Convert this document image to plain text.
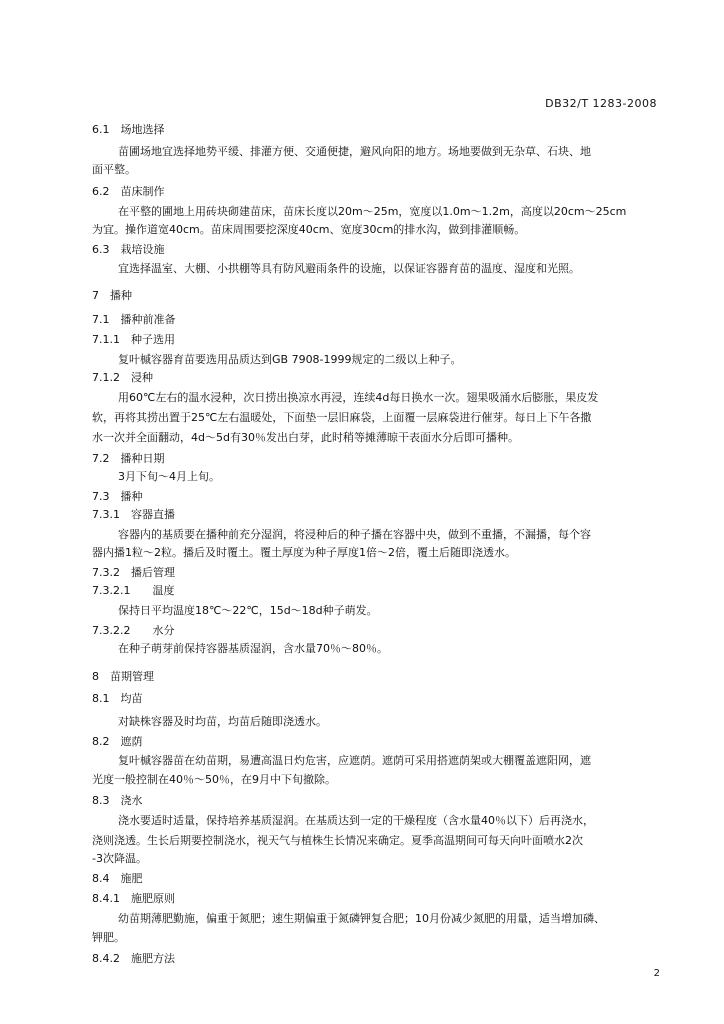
DB32/T 1283-2008
6.1　场地选择
苗圃场地宜选择地势平缓、排灌方便、交通便捷，避风向阳的地方。场地要做到无杂草、石块、地
面平整。
6.2　苗床制作
在平整的圃地上用砖块砌建苗床，苗床长度以20m～25m，宽度以1.0m～1.2m，高度以20cm～25cm
为宜。操作道宽40cm。苗床周围要挖深度40cm、宽度30cm的排水沟，做到排灌顺畅。
6.3　栽培设施
宜选择温室、大棚、小拱棚等具有防风避雨条件的设施，以保证容器育苗的温度、湿度和光照。
7　播种
7.1　播种前准备
7.1.1　种子选用
复叶槭容器育苗要选用品质达到GB 7908-1999规定的二级以上种子。
7.1.2　浸种
用60℃左右的温水浸种，次日捞出换凉水再浸，连续4d每日换水一次。翅果吸涌水后膨胀，果皮发
软，再将其捞出置于25℃左右温暖处，下面垫一层旧麻袋，上面覆一层麻袋进行催芽。每日上下午各撒
水一次并全面翻动，4d～5d有30％发出白芽，此时稍等摊薄晾干表面水分后即可播种。
7.2　播种日期
3月下旬～4月上旬。
7.3　播种
7.3.1　容器直播
容器内的基质要在播种前充分湿润，将浸种后的种子播在容器中央，做到不重播，不漏播，每个容
器内播1粒～2粒。播后及时覆土。覆土厚度为种子厚度1倍～2倍，覆土后随即浇透水。
7.3.2　播后管理
7.3.2.1　　温度
保持日平均温度18℃～22℃，15d～18d种子萌发。
7.3.2.2　　水分
在种子萌芽前保持容器基质湿润，含水量70％～80％。
8　苗期管理
8.1　均苗
对缺株容器及时均苗，均苗后随即浇透水。
8.2　遮荫
复叶槭容器苗在幼苗期，易遭高温日灼危害，应遮荫。遮荫可采用搭遮荫架或大棚覆盖遮阳网，遮
光度一般控制在40％～50％，在9月中下旬撤除。
8.3　浇水
浇水要适时适量，保持培养基质湿润。在基质达到一定的干燥程度（含水量40％以下）后再浇水，
浇则浇透。生长后期要控制浇水，视天气与植株生长情况来确定。夏季高温期间可每天向叶面喷水2次
-3次降温。
8.4　施肥
8.4.1　施肥原则
幼苗期薄肥勤施，偏重于氮肥；速生期偏重于氮磷钾复合肥；10月份减少氮肥的用量，适当增加磷、
钾肥。
8.4.2　施肥方法
2
